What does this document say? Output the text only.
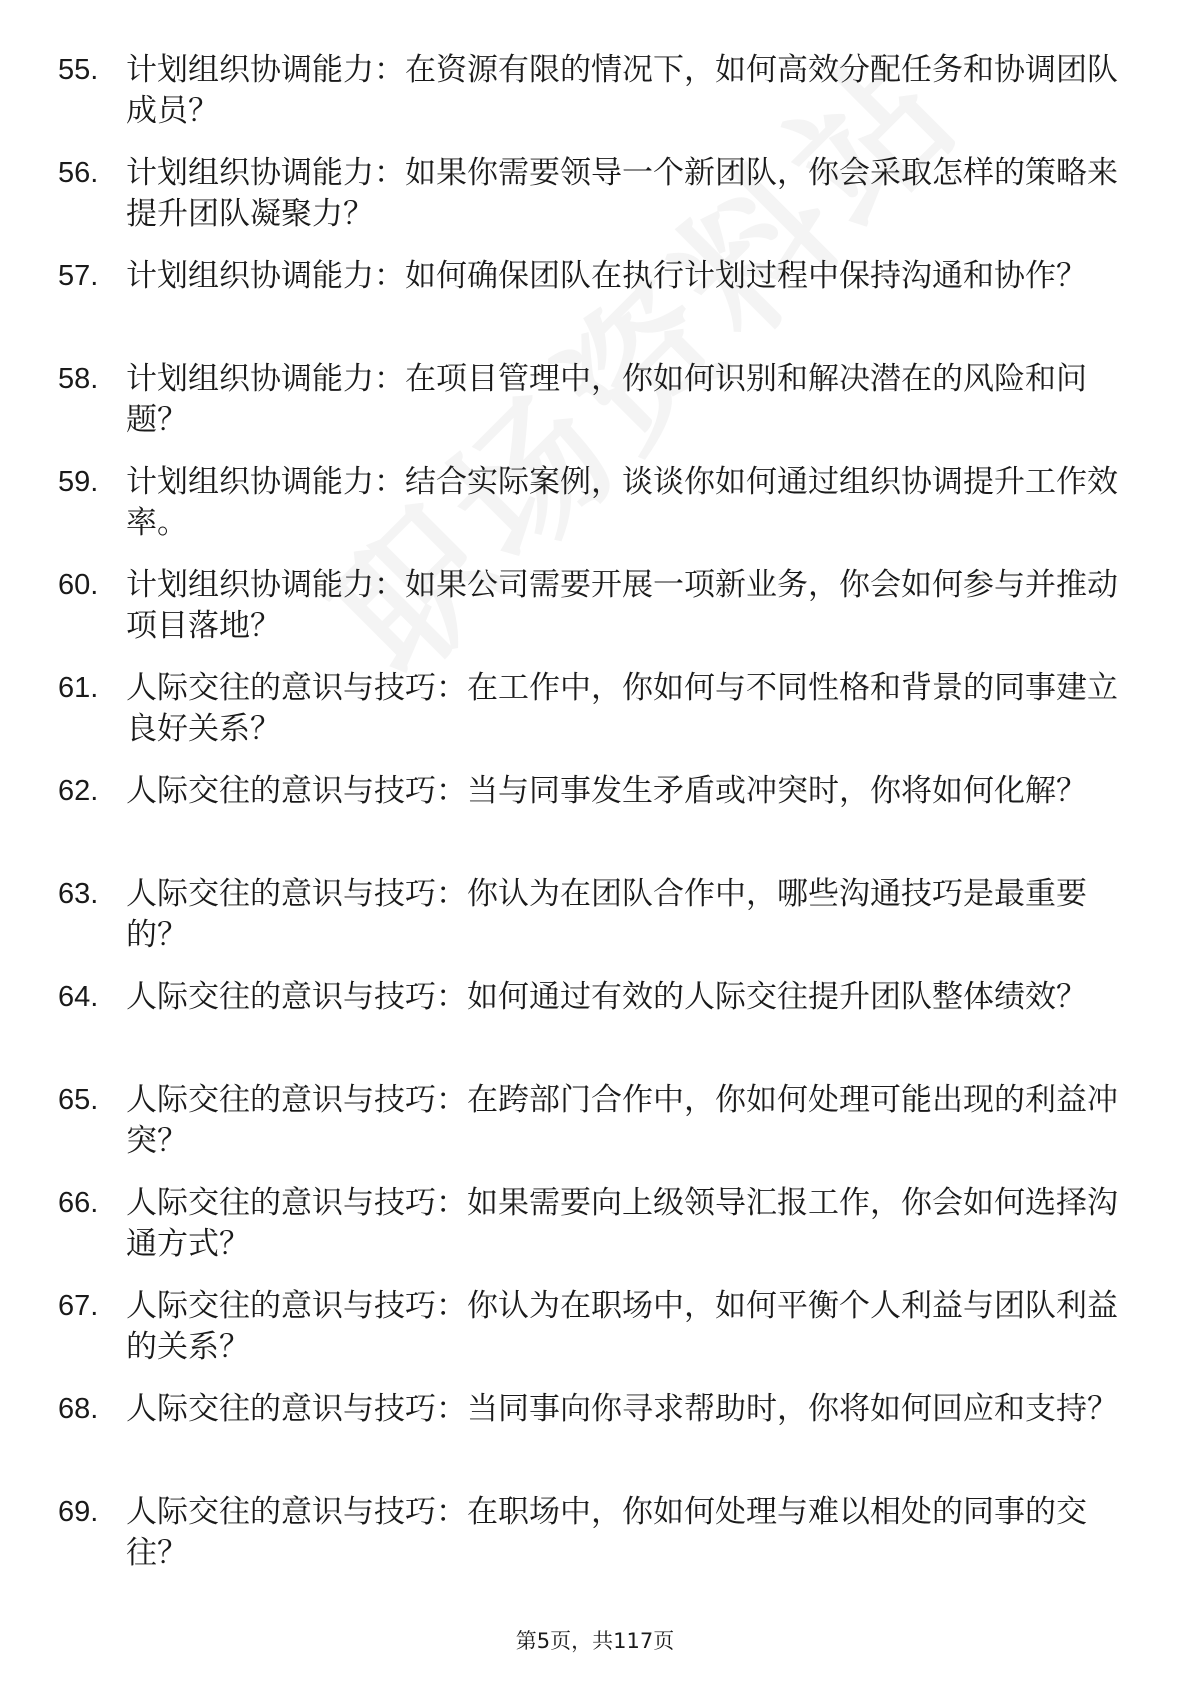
55. 计划组织协调能力：在资源有限的情况下，如何高效分配任务和协调团队成员？
56. 计划组织协调能力：如果你需要领导一个新团队，你会采取怎样的策略来提升团队凝聚力？
57. 计划组织协调能力：如何确保团队在执行计划过程中保持沟通和协作？
58. 计划组织协调能力：在项目管理中，你如何识别和解决潜在的风险和问题？
59. 计划组织协调能力：结合实际案例，谈谈你如何通过组织协调提升工作效率。
60. 计划组织协调能力：如果公司需要开展一项新业务，你会如何参与并推动项目落地？
61. 人际交往的意识与技巧：在工作中，你如何与不同性格和背景的同事建立良好关系？
62. 人际交往的意识与技巧：当与同事发生矛盾或冲突时，你将如何化解？
63. 人际交往的意识与技巧：你认为在团队合作中，哪些沟通技巧是最重要的？
64. 人际交往的意识与技巧：如何通过有效的人际交往提升团队整体绩效？
65. 人际交往的意识与技巧：在跨部门合作中，你如何处理可能出现的利益冲突？
66. 人际交往的意识与技巧：如果需要向上级领导汇报工作，你会如何选择沟通方式？
67. 人际交往的意识与技巧：你认为在职场中，如何平衡个人利益与团队利益的关系？
68. 人际交往的意识与技巧：当同事向你寻求帮助时，你将如何回应和支持？
69. 人际交往的意识与技巧：在职场中，你如何处理与难以相处的同事的交往？
第5页，共117页
